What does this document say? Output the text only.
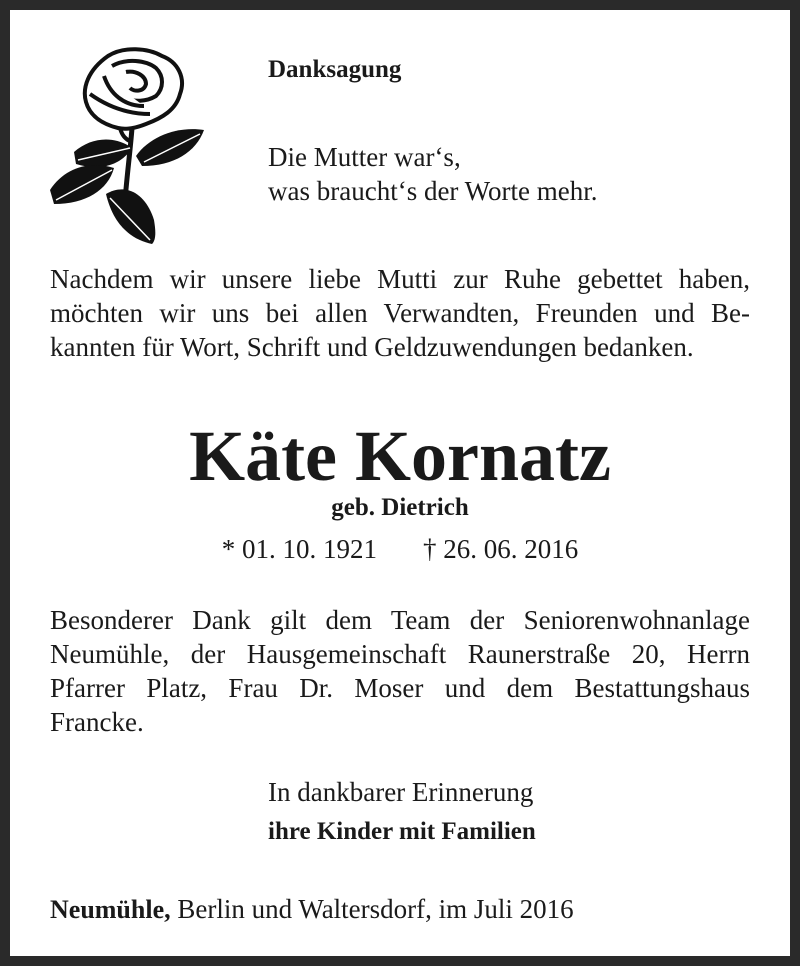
Danksagung
Die Mutter war‘s,
was braucht‘s der Worte mehr.
Nachdem wir unsere liebe Mutti zur Ruhe gebettet haben,
möchten wir uns bei allen Verwandten, Freunden und Be-
kannten für Wort, Schrift und Geldzuwendungen bedanken.
Käte Kornatz
geb. Dietrich
* 01. 10. 1921 † 26. 06. 2016
Besonderer Dank gilt dem Team der Seniorenwohnanlage
Neumühle, der Hausgemeinschaft Raunerstraße 20, Herrn
Pfarrer Platz, Frau Dr. Moser und dem Bestattungshaus
Francke.
In dankbarer Erinnerung
ihre Kinder mit Familien
Neumühle, Berlin und Waltersdorf, im Juli 2016
